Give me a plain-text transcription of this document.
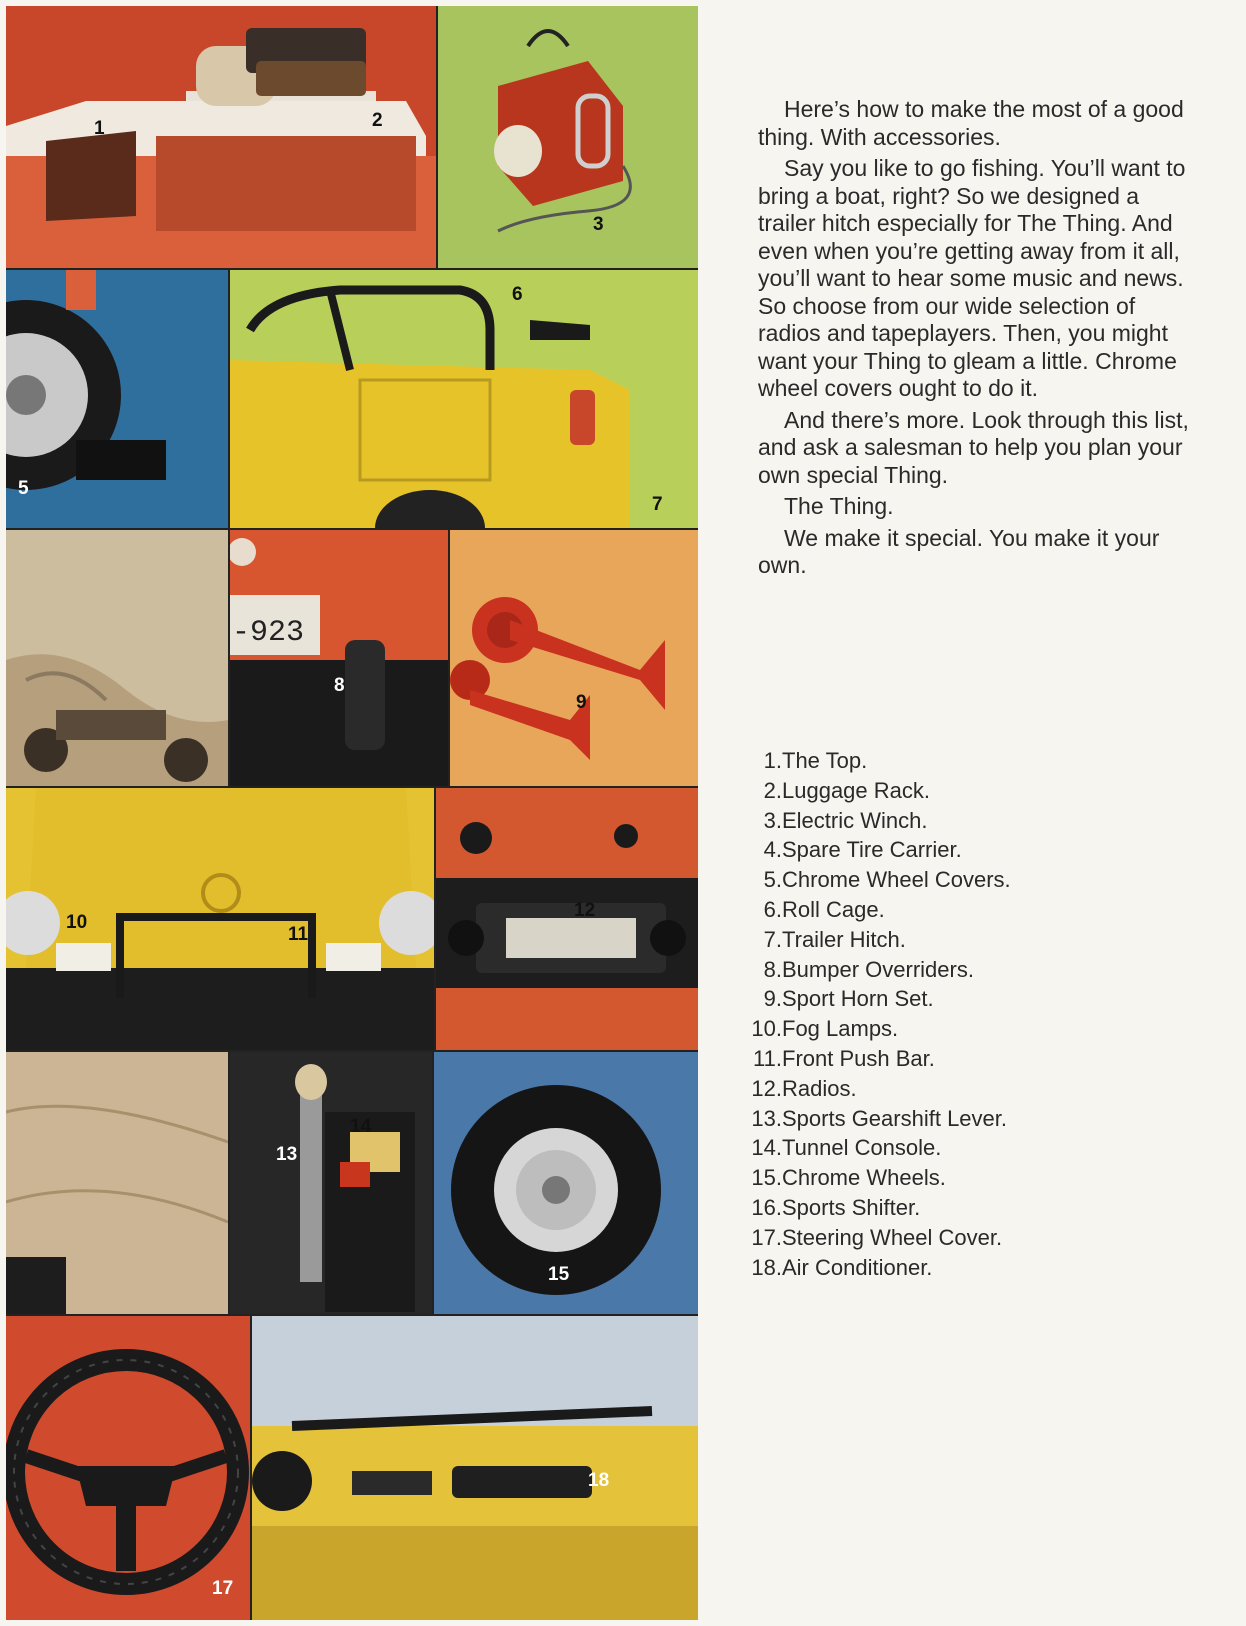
1	2
3
5
6
7
-923
8
9
10
11
12
13
14
15
17
18

Here’s how to make the most of a good thing. With accessories.

Say you like to go fishing. You’ll want to bring a boat, right? So we designed a trailer hitch especially for The Thing. And even when you’re getting away from it all, you’ll want to hear some music and news. So choose from our wide selection of radios and tapeplayers. Then, you might want your Thing to gleam a little. Chrome wheel covers ought to do it.

And there’s more. Look through this list, and ask a salesman to help you plan your own special Thing.

The Thing.

We make it special. You make it your own.

1. The Top.
2. Luggage Rack.
3. Electric Winch.
4. Spare Tire Carrier.
5. Chrome Wheel Covers.
6. Roll Cage.
7. Trailer Hitch.
8. Bumper Overriders.
9. Sport Horn Set.
10. Fog Lamps.
11. Front Push Bar.
12. Radios.
13. Sports Gearshift Lever.
14. Tunnel Console.
15. Chrome Wheels.
16. Sports Shifter.
17. Steering Wheel Cover.
18. Air Conditioner.
